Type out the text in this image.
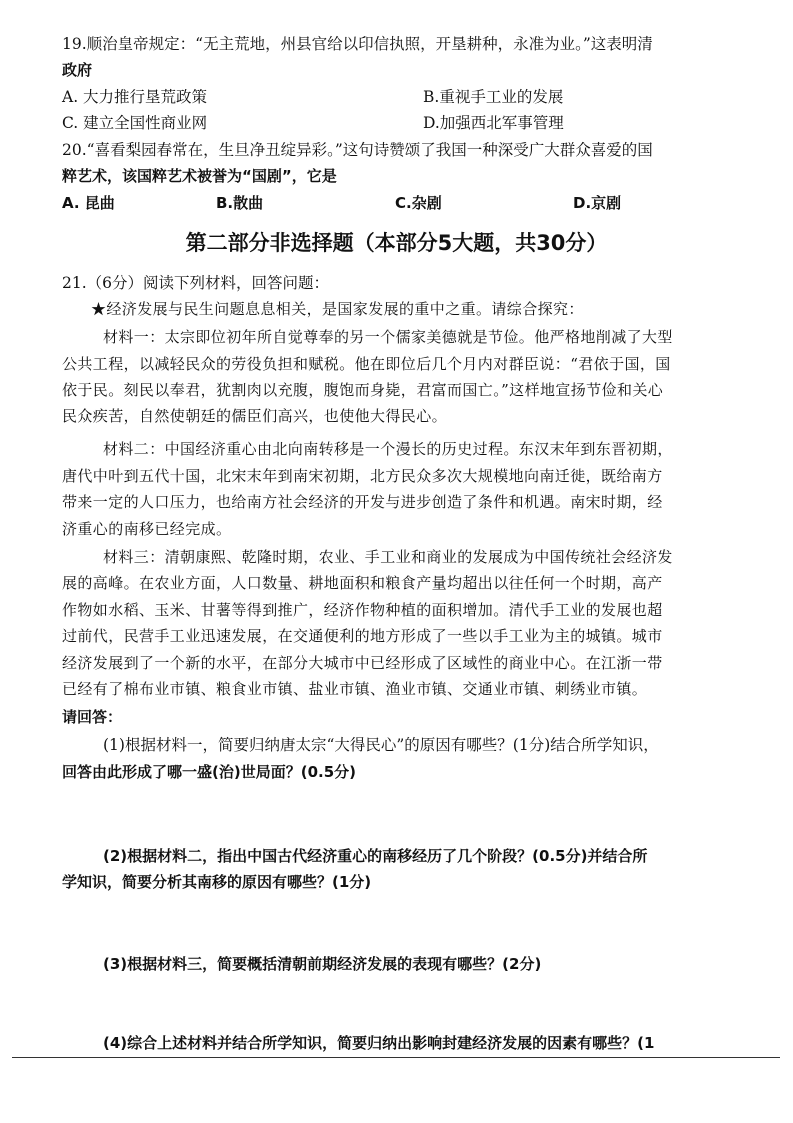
19.顺治皇帝规定：“无主荒地，州县官给以印信执照，开垦耕种，永准为业。”这表明清
政府
A. 大力推行垦荒政策	B.重视手工业的发展
C. 建立全国性商业网	D.加强西北军事管理
20.“喜看梨园春常在，生旦净丑绽异彩。”这句诗赞颂了我国一种深受广大群众喜爱的国
粹艺术，该国粹艺术被誉为“国剧”，它是
A. 昆曲	B.散曲	C.杂剧	D.京剧
第二部分非选择题（本部分5大题，共30分）
21.（6分）阅读下列材料，回答问题：
★经济发展与民生问题息息相关，是国家发展的重中之重。请综合探究：
材料一：太宗即位初年所自觉尊奉的另一个儒家美德就是节俭。他严格地削减了大型
公共工程，以减轻民众的劳役负担和赋税。他在即位后几个月内对群臣说：“君依于国，国
依于民。刻民以奉君，犹割肉以充腹，腹饱而身毙，君富而国亡。”这样地宣扬节俭和关心
民众疾苦，自然使朝廷的儒臣们高兴，也使他大得民心。
材料二：中国经济重心由北向南转移是一个漫长的历史过程。东汉末年到东晋初期，
唐代中叶到五代十国，北宋末年到南宋初期，北方民众多次大规模地向南迁徙，既给南方
带来一定的人口压力，也给南方社会经济的开发与进步创造了条件和机遇。南宋时期，经
济重心的南移已经完成。
材料三：清朝康熙、乾隆时期，农业、手工业和商业的发展成为中国传统社会经济发
展的高峰。在农业方面，人口数量、耕地面积和粮食产量均超出以往任何一个时期，高产
作物如水稻、玉米、甘薯等得到推广，经济作物种植的面积增加。清代手工业的发展也超
过前代，民营手工业迅速发展，在交通便利的地方形成了一些以手工业为主的城镇。城市
经济发展到了一个新的水平，在部分大城市中已经形成了区域性的商业中心。在江浙一带
已经有了棉布业市镇、粮食业市镇、盐业市镇、渔业市镇、交通业市镇、刺绣业市镇。
请回答：
(1)根据材料一，简要归纳唐太宗“大得民心”的原因有哪些？(1分)结合所学知识，
回答由此形成了哪一盛(治)世局面？(0.5分)
(2)根据材料二，指出中国古代经济重心的南移经历了几个阶段？(0.5分)并结合所
学知识，简要分析其南移的原因有哪些？(1分)
(3)根据材料三，简要概括清朝前期经济发展的表现有哪些？(2分)
(4)综合上述材料并结合所学知识，简要归纳出影响封建经济发展的因素有哪些？(1
